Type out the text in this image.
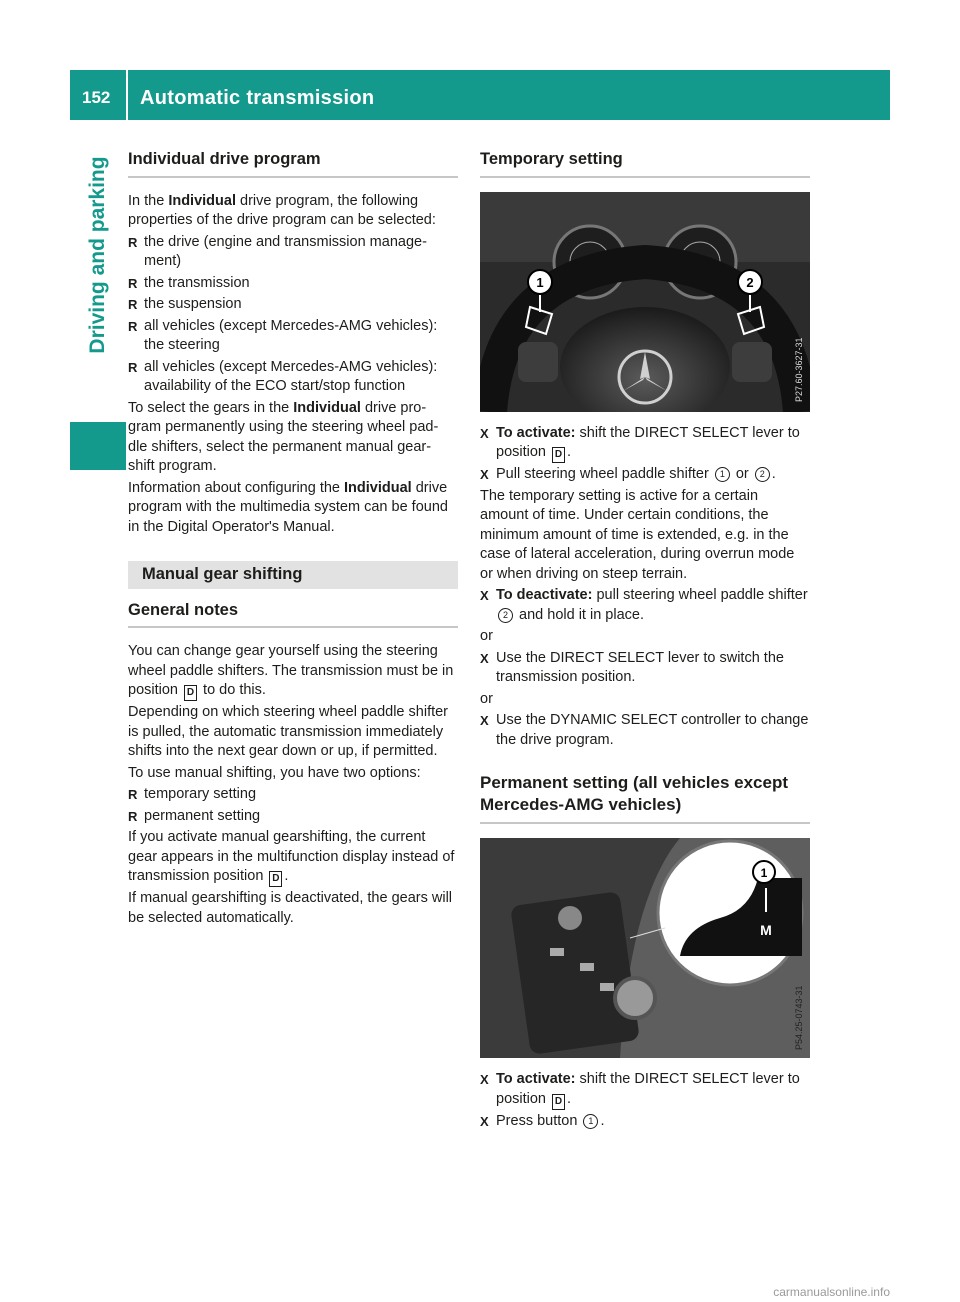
152 Automatic transmission
Driving and parking Individual drive program

In the Individual drive program, the following properties of the drive program can be selected:

R the drive (engine and transmission manage- ment)
R the transmission
R the suspension
R all vehicles (except Mercedes-AMG vehicles): the steering
R all vehicles (except Mercedes-AMG vehicles): availability of the ECO start/stop function

To select the gears in the Individual drive pro- gram permanently using the steering wheel pad- dle shifters, select the permanent manual gear- shift program.

Information about configuring the Individual drive program with the multimedia system can be found in the Digital Operator's Manual.

Manual gear shifting
General notes

You can change gear yourself using the steering wheel paddle shifters. The transmission must be in position D to do this.

Depending on which steering wheel paddle shifter is pulled, the automatic transmission immediately shifts into the next gear down or up, if permitted.

To use manual shifting, you have two options:

R temporary setting
R permanent setting

If you activate manual gearshifting, the current gear appears in the multifunction display instead of transmission position D .

If manual gearshifting is deactivated, the gears will be selected automatically.

Temporary setting
1	2
P27.60-3627-31
X To activate: shift the DIRECT SELECT lever to position D .
X Pull steering wheel paddle shifter 1 or 2 .

The temporary setting is active for a certain amount of time. Under certain conditions, the minimum amount of time is extended, e.g. in the case of lateral acceleration, during overrun mode or when driving on steep terrain.

X To deactivate: pull steering wheel paddle shifter 2 and hold it in place.

or

X Use the DIRECT SELECT lever to switch the transmission position.

or

X Use the DYNAMIC SELECT controller to change the drive program.
Permanent setting (all vehicles except Mercedes-AMG vehicles)
M
1
P54.25-0743-31
X To activate: shift the DIRECT SELECT lever to position D .
X Press button 1 .
carmanualsonline.info
